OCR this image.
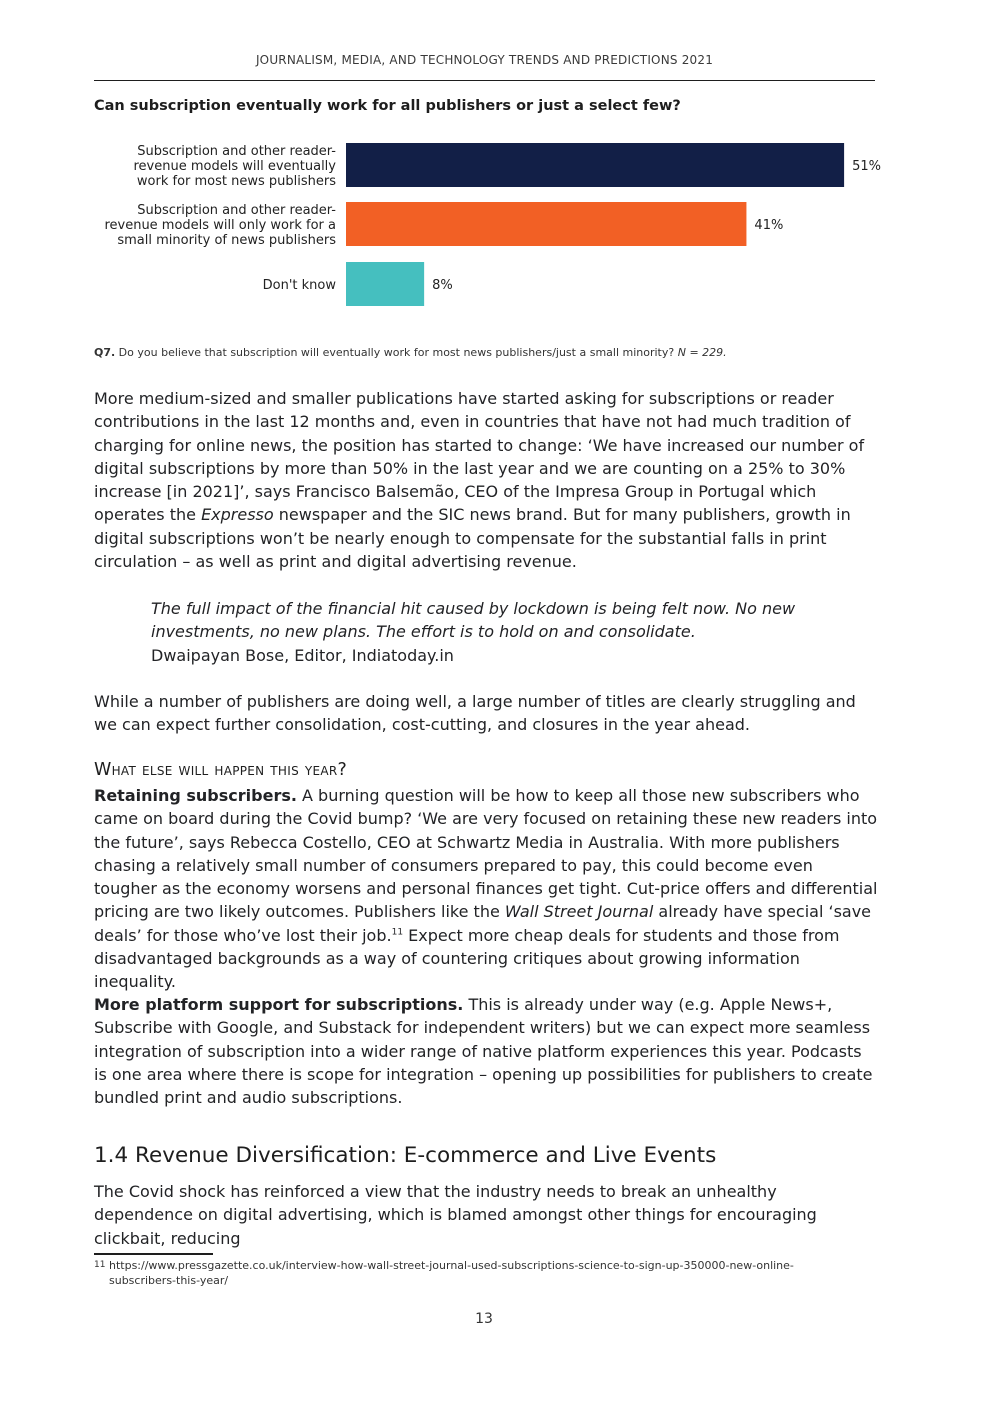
JOURNALISM, MEDIA, AND TECHNOLOGY TRENDS AND PREDICTIONS 2021
Can subscription eventually work for all publishers or just a select few?
51%
Subscription and other reader-revenue models will eventually work for most news publishers
41%
Subscription and other reader-revenue models will only work for a small minority of news publishers
8%
Don't know
Q7. Do you believe that subscription will eventually work for most news publishers/just a small minority? N = 229.

More medium-sized and smaller publications have started asking for subscriptions or reader contributions in the last 12 months and, even in countries that have not had much tradition of charging for online news, the position has started to change: ‘We have increased our number of digital subscriptions by more than 50% in the last year and we are counting on a 25% to 30% increase [in 2021]’, says Francisco Balsemão, CEO of the Impresa Group in Portugal which operates the Expresso newspaper and the SIC news brand. But for many publishers, growth in digital subscriptions won’t be nearly enough to compensate for the substantial falls in print circulation – as well as print and digital advertising revenue.

The full impact of the financial hit caused by lockdown is being felt now. No new investments, no new plans. The effort is to hold on and consolidate.
Dwaipayan Bose, Editor, Indiatoday.in

While a number of publishers are doing well, a large number of titles are clearly struggling and we can expect further consolidation, cost-cutting, and closures in the year ahead.

What else will happen this year?

Retaining subscribers. A burning question will be how to keep all those new subscribers who came on board during the Covid bump? ‘We are very focused on retaining these new readers into the future’, says Rebecca Costello, CEO at Schwartz Media in Australia. With more publishers chasing a relatively small number of consumers prepared to pay, this could become even tougher as the economy worsens and personal finances get tight. Cut-price offers and differential pricing are two likely outcomes. Publishers like the Wall Street Journal already have special ‘save deals’ for those who’ve lost their job.$^{11}$ Expect more cheap deals for students and those from disadvantaged backgrounds as a way of countering critiques about growing information inequality.

More platform support for subscriptions. This is already under way (e.g. Apple News+, Subscribe with Google, and Substack for independent writers) but we can expect more seamless integration of subscription into a wider range of native platform experiences this year. Podcasts is one area where there is scope for integration – opening up possibilities for publishers to create bundled print and audio subscriptions.

1.4 Revenue Diversification: E-commerce and Live Events

The Covid shock has reinforced a view that the industry needs to break an unhealthy dependence on digital advertising, which is blamed amongst other things for encouraging clickbait, reducing

11 https://www.pressgazette.co.uk/interview-how-wall-street-journal-used-subscriptions-science-to-sign-up-350000-new-online-subscribers-this-year/
13
